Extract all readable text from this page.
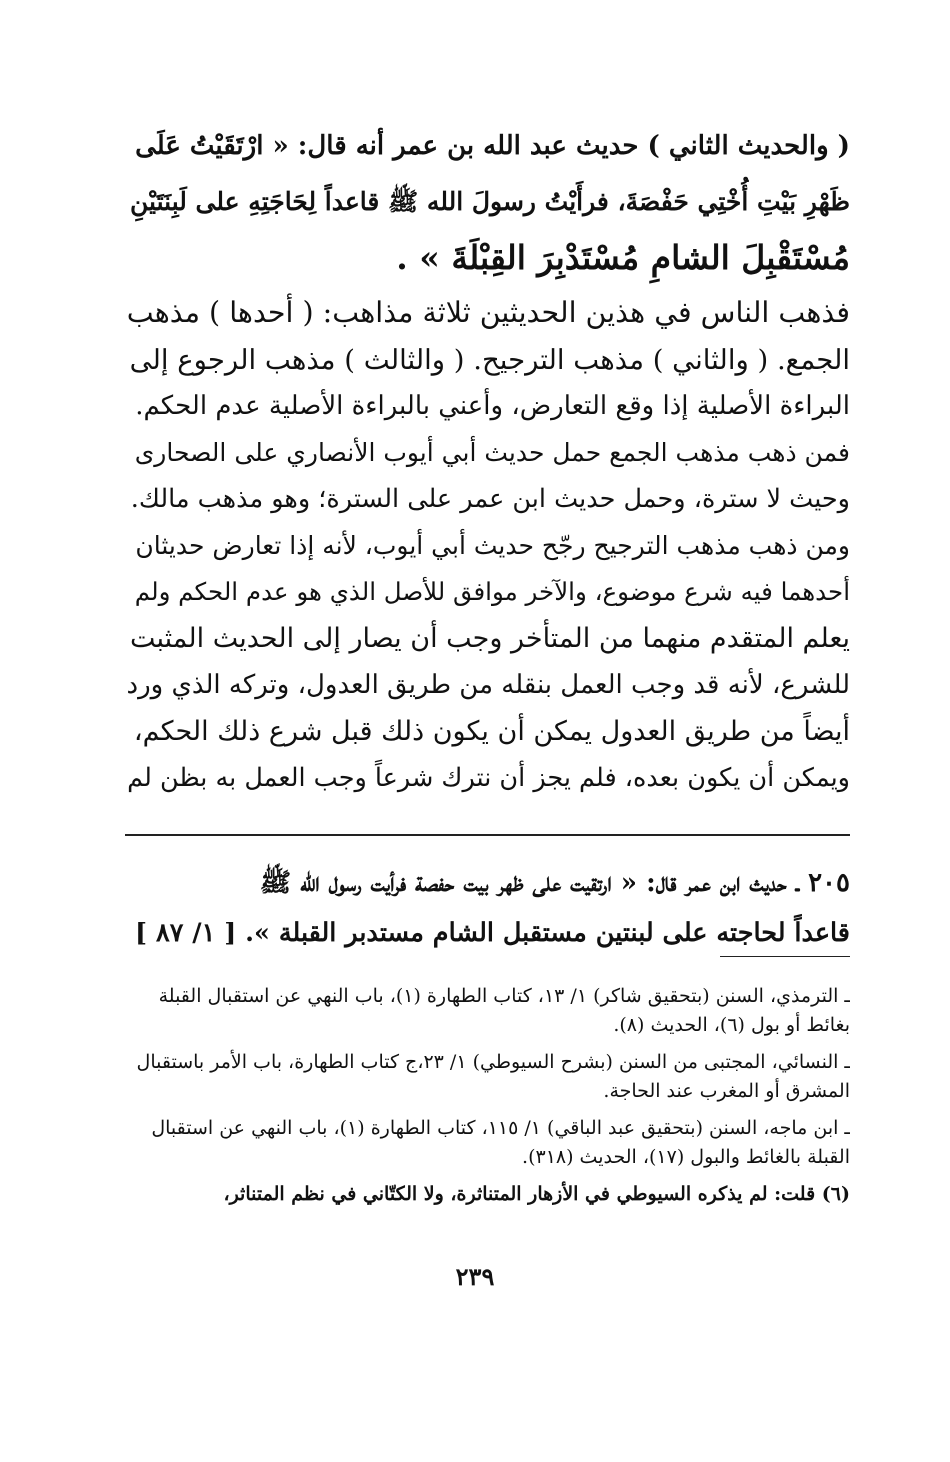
( والحديث الثاني ) حديث عبد الله بن عمر أنه قال: « ارْتَقَيْتُ عَلَى
ظَهْرِ بَيْتِ أُخْتِي حَفْصَةَ، فرأَيْتُ رسولَ الله ﷺ قاعداً لِحَاجَتِهِ على لَبِنَتَيْنِ
مُسْتَقْبِلَ الشامِ مُسْتَدْبِرَ القِبْلَةَ » .
فذهب الناس في هذين الحديثين ثلاثة مذاهب: ( أحدها ) مذهب
الجمع. ( والثاني ) مذهب الترجيح. ( والثالث ) مذهب الرجوع إلى
البراءة الأصلية إذا وقع التعارض، وأعني بالبراءة الأصلية عدم الحكم.
فمن ذهب مذهب الجمع حمل حديث أبي أيوب الأنصاري على الصحارى
وحيث لا سترة، وحمل حديث ابن عمر على السترة؛ وهو مذهب مالك.
ومن ذهب مذهب الترجيح رجّح حديث أبي أيوب، لأنه إذا تعارض حديثان
أحدهما فيه شرع موضوع، والآخر موافق للأصل الذي هو عدم الحكم ولم
يعلم المتقدم منهما من المتأخر وجب أن يصار إلى الحديث المثبت
للشرع، لأنه قد وجب العمل بنقله من طريق العدول، وتركه الذي ورد
أيضاً من طريق العدول يمكن أن يكون ذلك قبل شرع ذلك الحكم،
ويمكن أن يكون بعده، فلم يجز أن نترك شرعاً وجب العمل به بظن لم
٢٠٥ ـ حديث ابن عمر قال: « ارتقيت على ظهر بيت حفصة فرأيت رسول الله ﷺ
قاعداً لحاجته على لبنتين مستقبل الشام مستدبر القبلة ». [ ١/ ٨٧ ]
ـ الترمذي، السنن (بتحقيق شاكر) ١/ ١٣، كتاب الطهارة (١)، باب النهي عن استقبال القبلة
بغائط أو بول (٦)، الحديث (٨).
ـ النسائي، المجتبى من السنن (بشرح السيوطي) ١/ ٢٣،ج كتاب الطهارة، باب الأمر باستقبال
المشرق أو المغرب عند الحاجة.
ـ ابن ماجه، السنن (بتحقيق عبد الباقي) ١/ ١١٥، كتاب الطهارة (١)، باب النهي عن استقبال
القبلة بالغائط والبول (١٧)، الحديث (٣١٨).
(٦) قلت: لم يذكره السيوطي في الأزهار المتناثرة، ولا الكتّاني في نظم المتناثر،
٢٣٩
